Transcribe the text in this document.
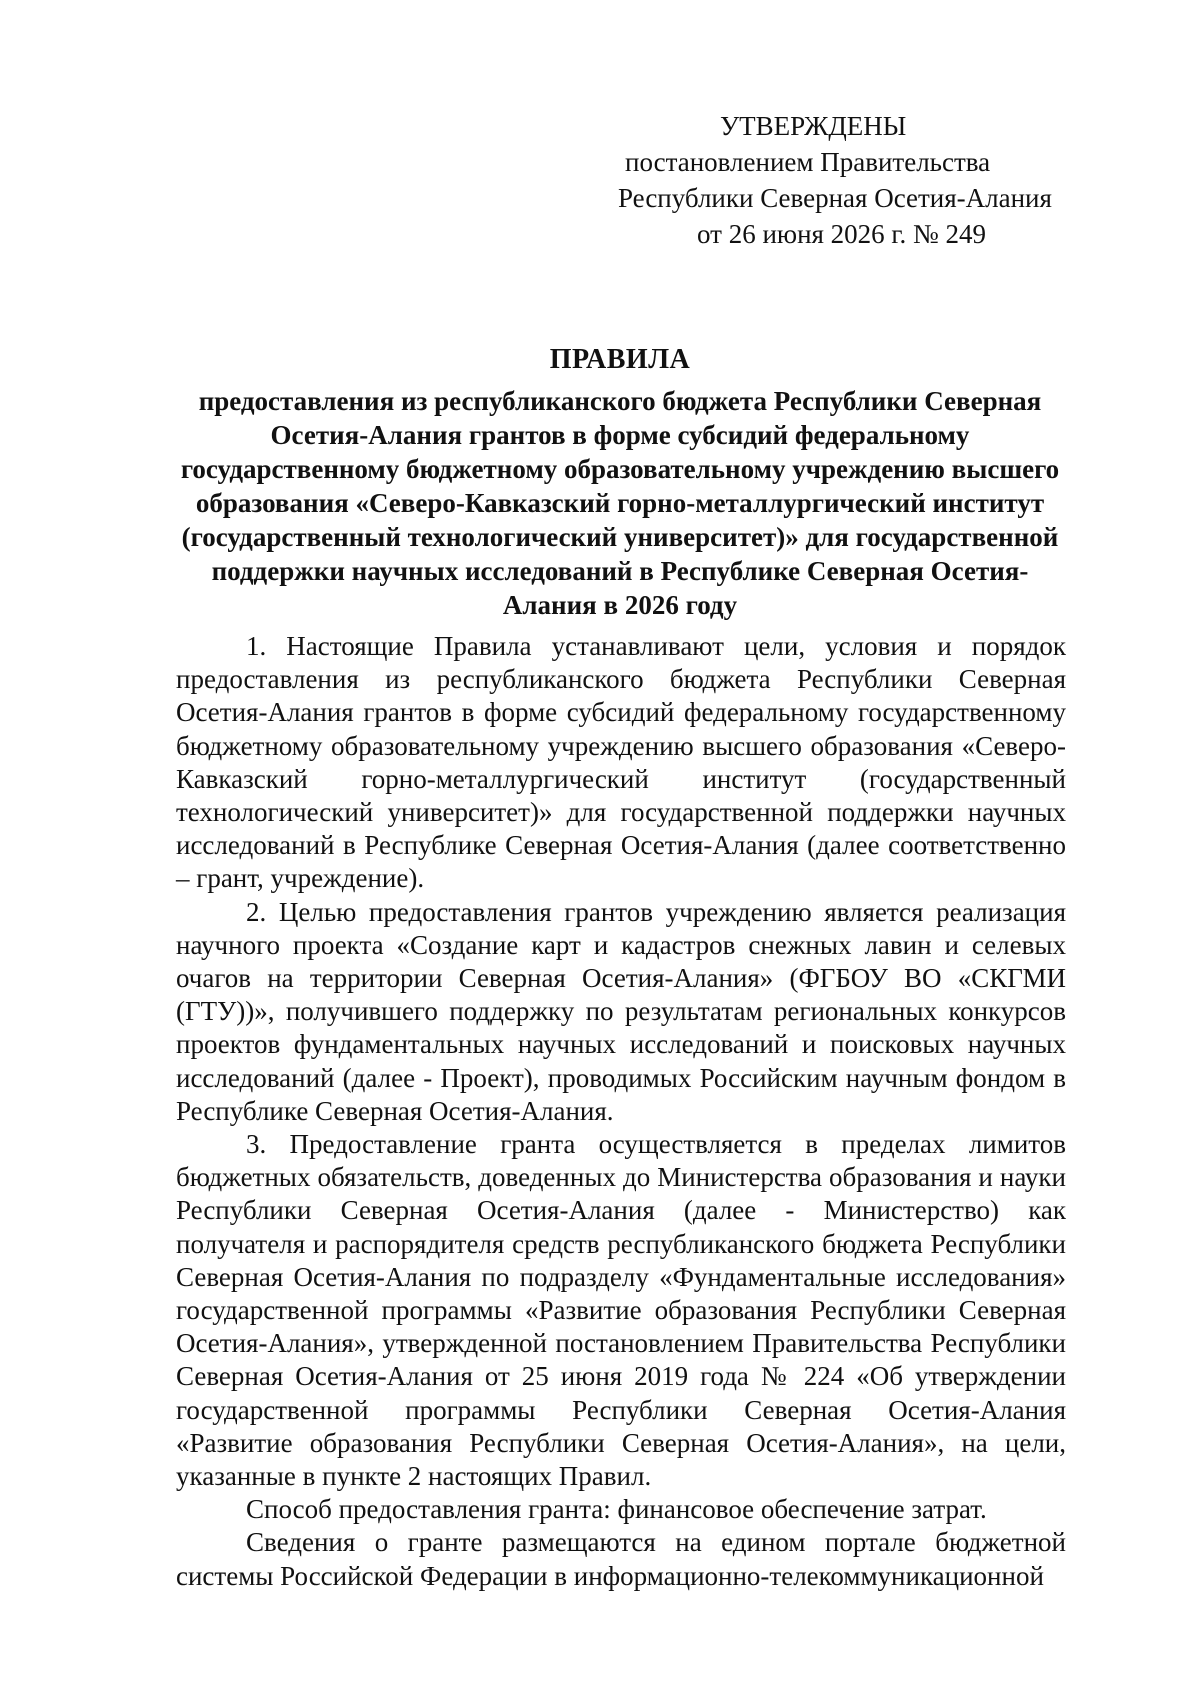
УТВЕРЖДЕНЫ
постановлением Правительства
Республики Северная Осетия-Алания
от 26 июня 2026 г. № 249
ПРАВИЛА
предоставления из республиканского бюджета Республики Северная Осетия-Алания грантов в форме субсидий федеральному государственному бюджетному образовательному учреждению высшего образования «Северо-Кавказский горно-металлургический институт (государственный технологический университет)» для государственной поддержки научных исследований в Республике Северная Осетия-Алания в 2026 году

1. Настоящие Правила устанавливают цели, условия и порядок предоставления из республиканского бюджета Республики Северная Осетия-Алания грантов в форме субсидий федеральному государственному бюджетному образовательному учреждению высшего образования «Северо-Кавказский горно-металлургический институт (государственный технологический университет)» для государственной поддержки научных исследований в Республике Северная Осетия-Алания (далее соответственно – грант, учреждение).

2. Целью предоставления грантов учреждению является реализация научного проекта «Создание карт и кадастров снежных лавин и селевых очагов на территории Северная Осетия-Алания» (ФГБОУ ВО «СКГМИ (ГТУ))», получившего поддержку по результатам региональных конкурсов проектов фундаментальных научных исследований и поисковых научных исследований (далее - Проект), проводимых Российским научным фондом в Республике Северная Осетия-Алания.

3. Предоставление гранта осуществляется в пределах лимитов бюджетных обязательств, доведенных до Министерства образования и науки Республики Северная Осетия-Алания (далее - Министерство) как получателя и распорядителя средств республиканского бюджета Республики Северная Осетия-Алания по подразделу «Фундаментальные исследования» государственной программы «Развитие образования Республики Северная Осетия-Алания», утвержденной постановлением Правительства Республики Северная Осетия-Алания от 25 июня 2019 года № 224 «Об утверждении государственной программы Республики Северная Осетия-Алания «Развитие образования Республики Северная Осетия-Алания», на цели, указанные в пункте 2 настоящих Правил.

Способ предоставления гранта: финансовое обеспечение затрат.

Сведения о гранте размещаются на едином портале бюджетной системы Российской Федерации в информационно-телекоммуникационной
